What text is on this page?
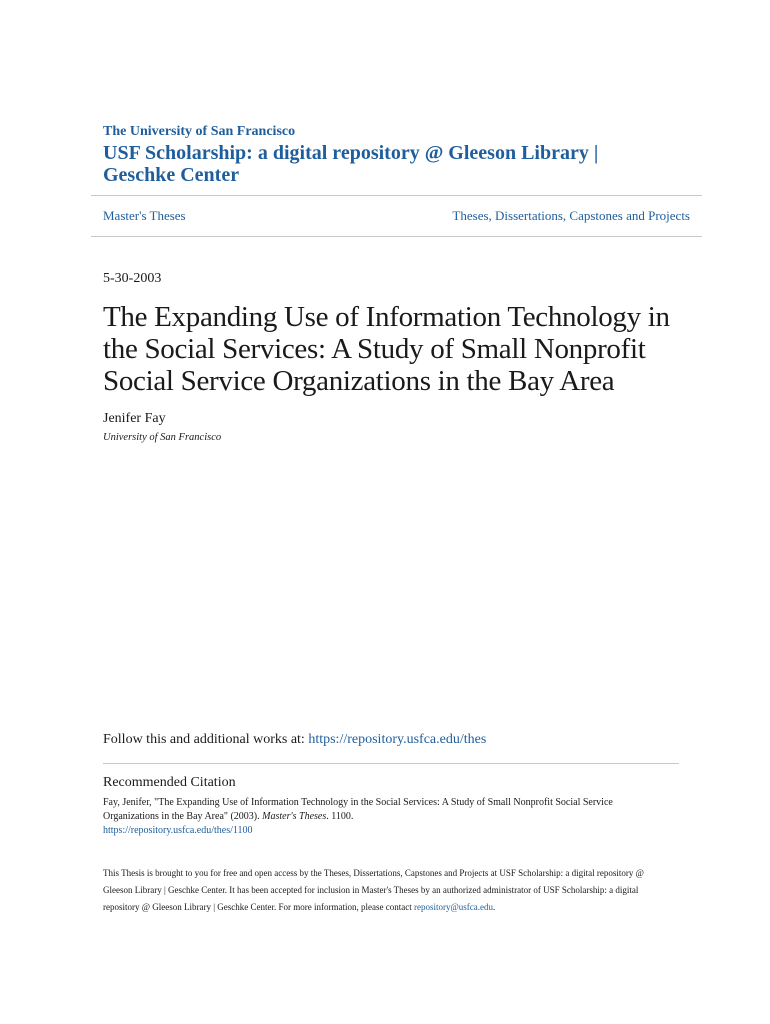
The University of San Francisco
USF Scholarship: a digital repository @ Gleeson Library | Geschke Center
Master's Theses	Theses, Dissertations, Capstones and Projects
5-30-2003
The Expanding Use of Information Technology in the Social Services: A Study of Small Nonprofit Social Service Organizations in the Bay Area
Jenifer Fay
University of San Francisco
Follow this and additional works at: https://repository.usfca.edu/thes
Recommended Citation
Fay, Jenifer, "The Expanding Use of Information Technology in the Social Services: A Study of Small Nonprofit Social Service Organizations in the Bay Area" (2003). Master's Theses. 1100.
https://repository.usfca.edu/thes/1100
This Thesis is brought to you for free and open access by the Theses, Dissertations, Capstones and Projects at USF Scholarship: a digital repository @ Gleeson Library | Geschke Center. It has been accepted for inclusion in Master's Theses by an authorized administrator of USF Scholarship: a digital repository @ Gleeson Library | Geschke Center. For more information, please contact repository@usfca.edu.
